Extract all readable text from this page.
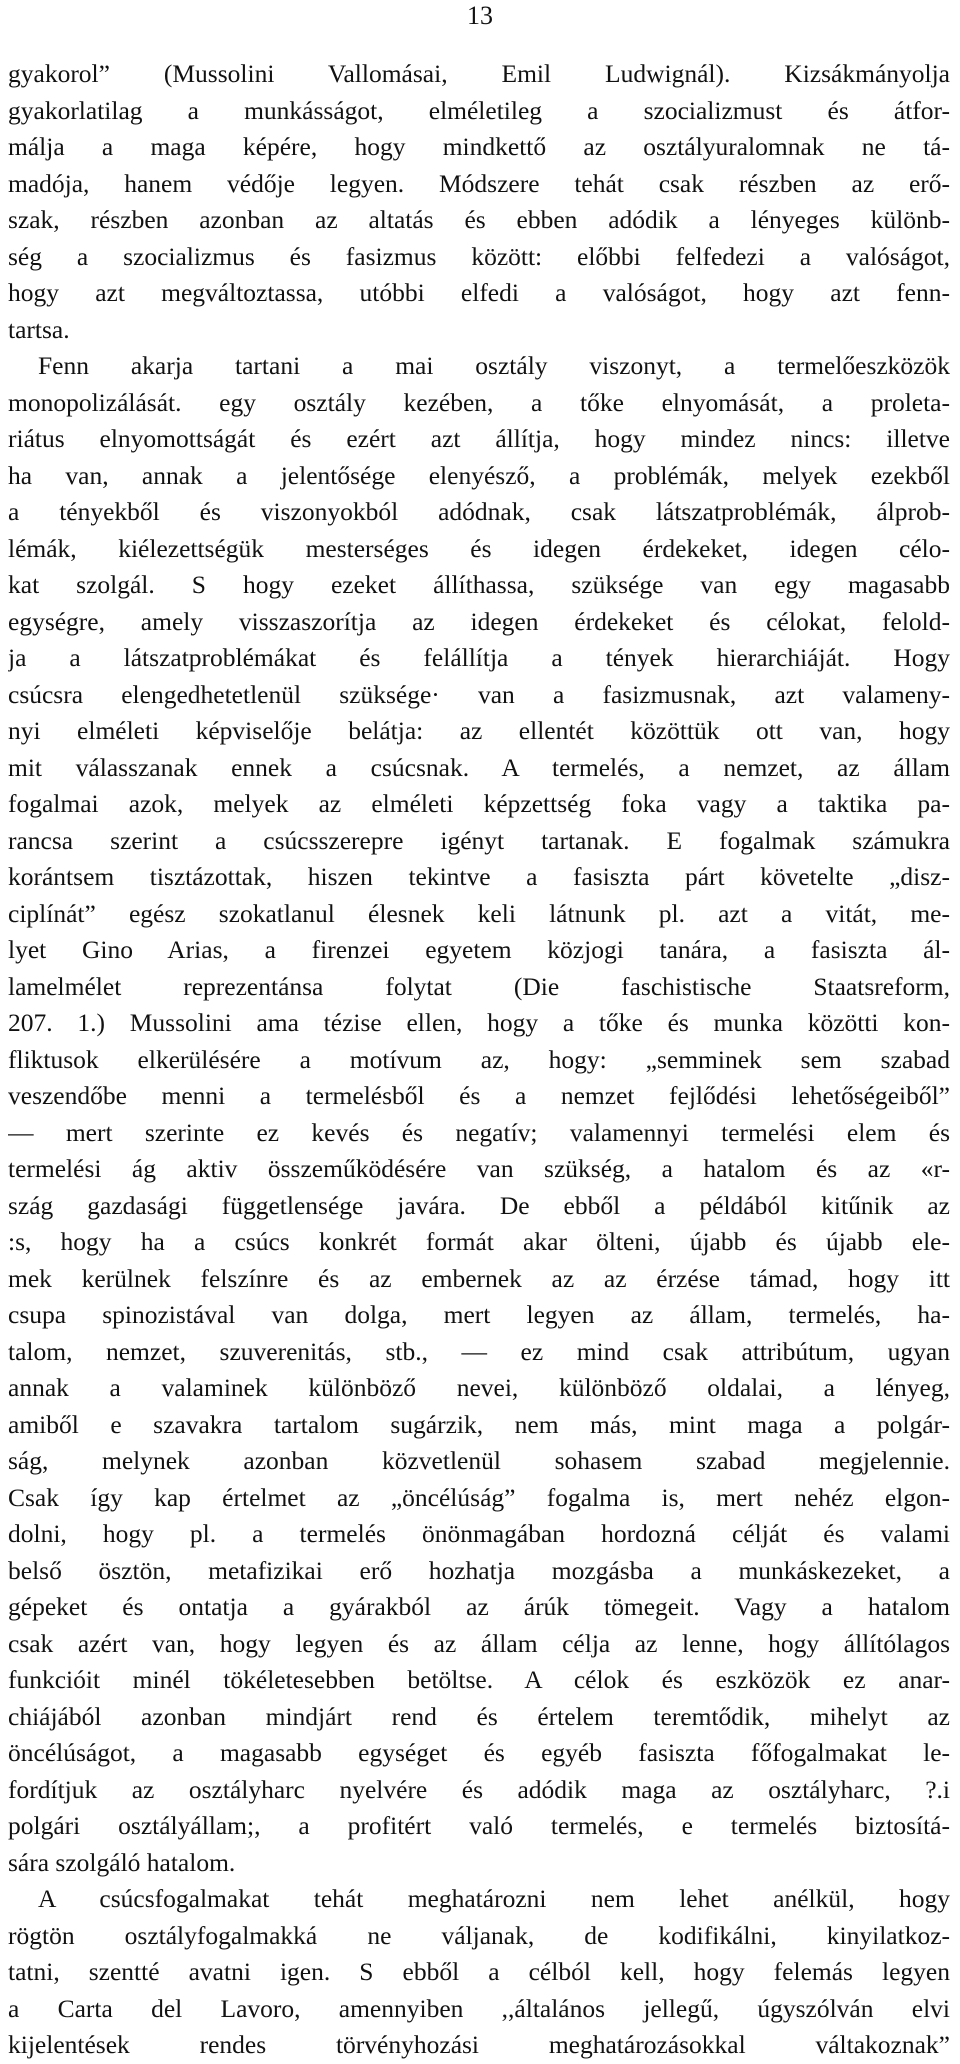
13
gyakorol” (Mussolini Vallomásai, Emil Ludwignál). Kizsákmányolja
gyakorlatilag a munkásságot, elméletileg a szocializmust és átfor-
málja a maga képére, hogy mindkettő az osztályuralomnak ne tá-
madója, hanem védője legyen. Módszere tehát csak részben az erő-
szak, részben azonban az altatás és ebben adódik a lényeges különb-
ség a szocializmus és fasizmus között: előbbi felfedezi a valóságot,
hogy azt megváltoztassa, utóbbi elfedi a valóságot, hogy azt fenn-
tartsa.
Fenn akarja tartani a mai osztály viszonyt, a termelőeszközök
monopolizálását. egy osztály kezében, a tőke elnyomását, a proleta-
riátus elnyomottságát és ezért azt állítja, hogy mindez nincs: illetve
ha van, annak a jelentősége elenyésző, a problémák, melyek ezekből
a tényekből és viszonyokból adódnak, csak látszatproblémák, álprob-
lémák, kiélezettségük mesterséges és idegen érdekeket, idegen célo-
kat szolgál. S hogy ezeket állíthassa, szüksége van egy magasabb
egységre, amely visszaszorítja az idegen érdekeket és célokat, felold-
ja a látszatproblémákat és felállítja a tények hierarchiáját. Hogy
csúcsra elengedhetetlenül szüksége· van a fasizmusnak, azt valameny-
nyi elméleti képviselője belátja: az ellentét közöttük ott van, hogy
mit válasszanak ennek a csúcsnak. A termelés, a nemzet, az állam
fogalmai azok, melyek az elméleti képzettség foka vagy a taktika pa-
rancsa szerint a csúcsszerepre igényt tartanak. E fogalmak számukra
korántsem tisztázottak, hiszen tekintve a fasiszta párt követelte „disz-
ciplínát” egész szokatlanul élesnek keli látnunk pl. azt a vitát, me-
lyet Gino Arias, a firenzei egyetem közjogi tanára, a fasiszta ál-
lamelmélet reprezentánsa folytat (Die faschistische Staatsreform,
207. 1.) Mussolini ama tézise ellen, hogy a tőke és munka közötti kon-
fliktusok elkerülésére a motívum az, hogy: „semminek sem szabad
veszendőbe menni a termelésből és a nemzet fejlődési lehetőségeiből”
— mert szerinte ez kevés és negatív; valamennyi termelési elem és
termelési ág aktiv összeműködésére van szükség, a hatalom és az «r-
szág gazdasági függetlensége javára. De ebből a példából kitűnik az
:s, hogy ha a csúcs konkrét formát akar ölteni, újabb és újabb ele-
mek kerülnek felszínre és az embernek az az érzése támad, hogy itt
csupa spinozistával van dolga, mert legyen az állam, termelés, ha-
talom, nemzet, szuverenitás, stb., — ez mind csak attribútum, ugyan
annak a valaminek különböző nevei, különböző oldalai, a lényeg,
amiből e szavakra tartalom sugárzik, nem más, mint maga a polgár-
ság, melynek azonban közvetlenül sohasem szabad megjelennie.
Csak így kap értelmet az „öncélúság” fogalma is, mert nehéz elgon-
dolni, hogy pl. a termelés önönmagában hordozná célját és valami
belső ösztön, metafizikai erő hozhatja mozgásba a munkáskezeket, a
gépeket és ontatja a gyárakból az árúk tömegeit. Vagy a hatalom
csak azért van, hogy legyen és az állam célja az lenne, hogy állítólagos
funkcióit minél tökéletesebben betöltse. A célok és eszközök ez anar-
chiájából azonban mindjárt rend és értelem teremtődik, mihelyt az
öncélúságot, a magasabb egységet és egyéb fasiszta főfogalmakat le-
fordítjuk az osztályharc nyelvére és adódik maga az osztályharc, ?.i
polgári osztályállam;, a profitért való termelés, e termelés biztosítá-
sára szolgáló hatalom.
A csúcsfogalmakat tehát meghatározni nem lehet anélkül, hogy
rögtön osztályfogalmakká ne váljanak, de kodifikálni, kinyilatkoz-
tatni, szentté avatni igen. S ebből a célból kell, hogy felemás legyen
a Carta del Lavoro, amennyiben ,,általános jellegű, úgyszólván elvi
kijelentések rendes törvényhozási meghatározásokkal váltakoznak”
